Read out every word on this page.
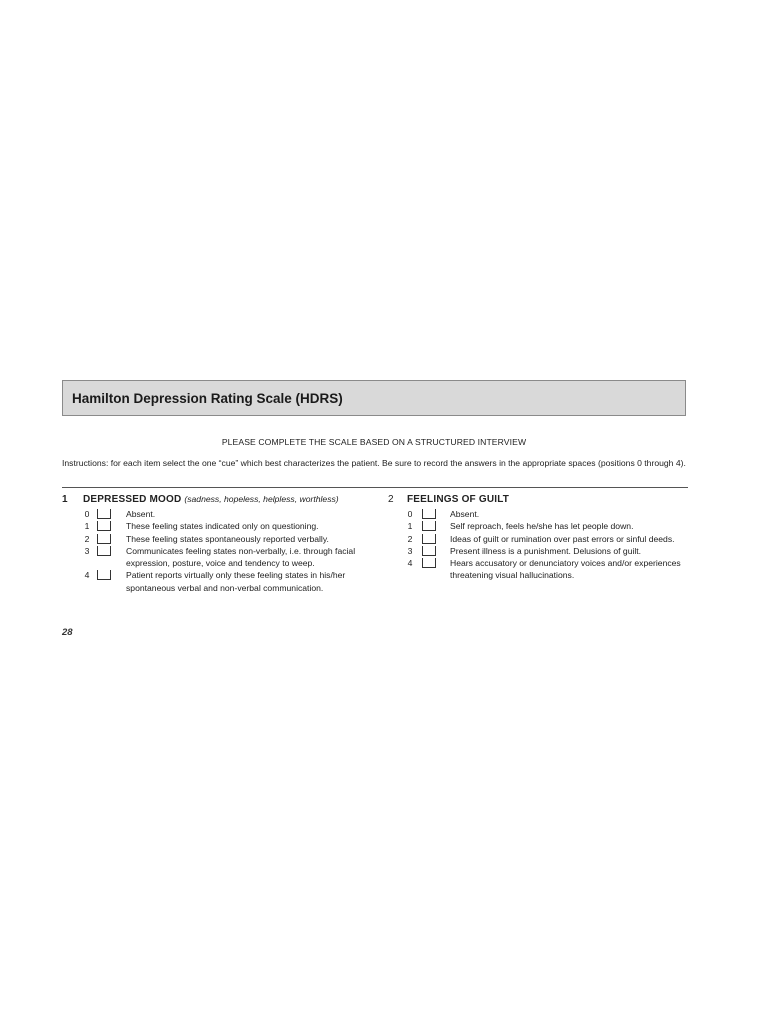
Hamilton Depression Rating Scale (HDRS)
PLEASE COMPLETE THE SCALE BASED ON A STRUCTURED INTERVIEW
Instructions: for each item select the one “cue” which best characterizes the patient. Be sure to record the answers in the appropriate spaces (positions 0 through 4).
1 DEPRESSED MOOD (sadness, hopeless, helpless, worthless)
0	Absent.
1	These feeling states indicated only on questioning.
2	These feeling states spontaneously reported verbally.
3	Communicates feeling states non-verbally, i.e. through facial expression, posture, voice and tendency to weep.
4	Patient reports virtually only these feeling states in his/her spontaneous verbal and non-verbal communication.
2 FEELINGS OF GUILT
0	Absent.
1	Self reproach, feels he/she has let people down.
2	Ideas of guilt or rumination over past errors or sinful deeds.
3	Present illness is a punishment. Delusions of guilt.
4	Hears accusatory or denunciatory voices and/or experiences threatening visual hallucinations.
28
